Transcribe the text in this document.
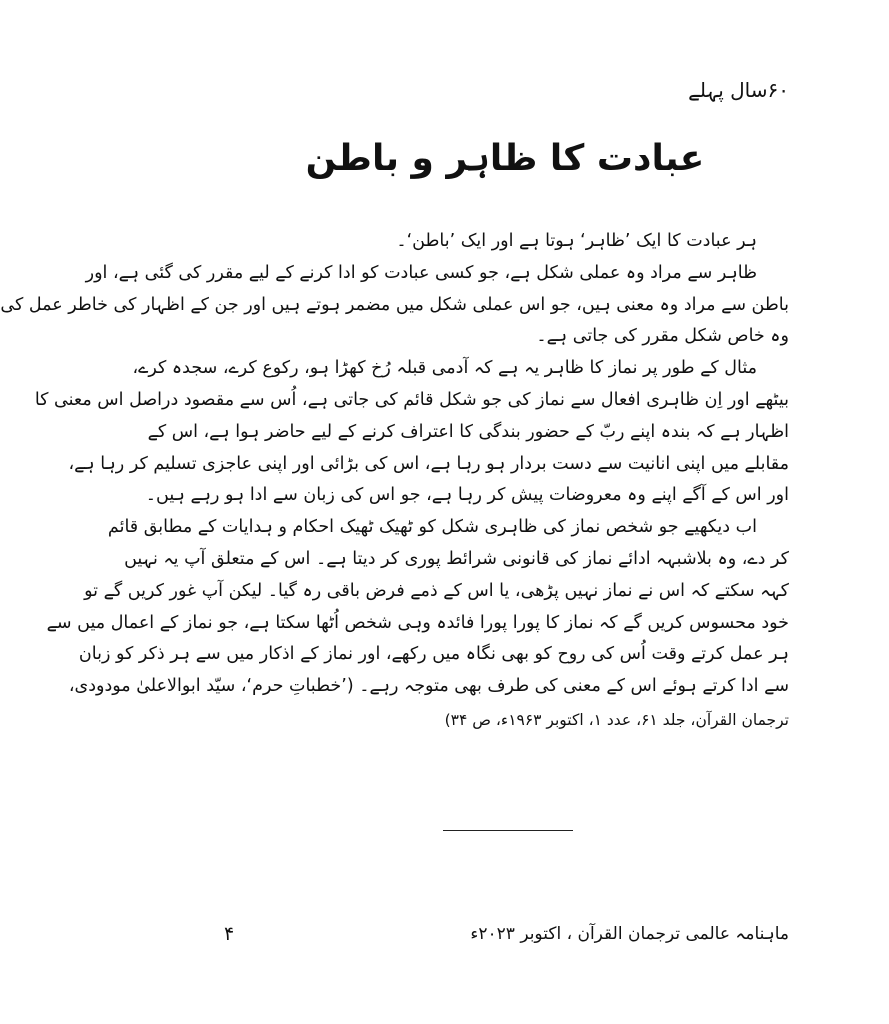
۶۰سال پہلے
عبادت کا ظاہر و باطن
ہر عبادت کا ایک ’ظاہر‘ ہوتا ہے اور ایک ’باطن‘۔
ظاہر سے مراد وہ عملی شکل ہے، جو کسی عبادت کو ادا کرنے کے لیے مقرر کی گئی ہے، اور
باطن سے مراد وہ معنی ہیں، جو اس عملی شکل میں مضمر ہوتے ہیں اور جن کے اظہار کی خاطر عمل کی
وہ خاص شکل مقرر کی جاتی ہے۔
مثال کے طور پر نماز کا ظاہر یہ ہے کہ آدمی قبلہ رُخ کھڑا ہو، رکوع کرے، سجدہ کرے،
بیٹھے اور اِن ظاہری افعال سے نماز کی جو شکل قائم کی جاتی ہے، اُس سے مقصود دراصل اس معنی کا
اظہار ہے کہ بندہ اپنے ربّ کے حضور بندگی کا اعتراف کرنے کے لیے حاضر ہوا ہے، اس کے
مقابلے میں اپنی انانیت سے دست بردار ہو رہا ہے، اس کی بڑائی اور اپنی عاجزی تسلیم کر رہا ہے،
اور اس کے آگے اپنے وہ معروضات پیش کر رہا ہے، جو اس کی زبان سے ادا ہو رہے ہیں۔
اب دیکھیے جو شخص نماز کی ظاہری شکل کو ٹھیک ٹھیک احکام و ہدایات کے مطابق قائم
کر دے، وہ بلاشبہہ ادائے نماز کی قانونی شرائط پوری کر دیتا ہے۔ اس کے متعلق آپ یہ نہیں
کہہ سکتے کہ اس نے نماز نہیں پڑھی، یا اس کے ذمے فرض باقی رہ گیا۔ لیکن آپ غور کریں گے تو
خود محسوس کریں گے کہ نماز کا پورا پورا فائدہ وہی شخص اُٹھا سکتا ہے، جو نماز کے اعمال میں سے
ہر عمل کرتے وقت اُس کی روح کو بھی نگاہ میں رکھے، اور نماز کے اذکار میں سے ہر ذکر کو زبان
سے ادا کرتے ہوئے اس کے معنی کی طرف بھی متوجہ رہے۔ (’خطباتِ حرم‘، سیّد ابوالاعلیٰ مودودی،
ترجمان القرآن، جلد ۶۱، عدد ۱، اکتوبر ۱۹۶۳ء، ص ۳۴)
ماہنامہ عالمی ترجمان القرآن ، اکتوبر ۲۰۲۳ء
۴
